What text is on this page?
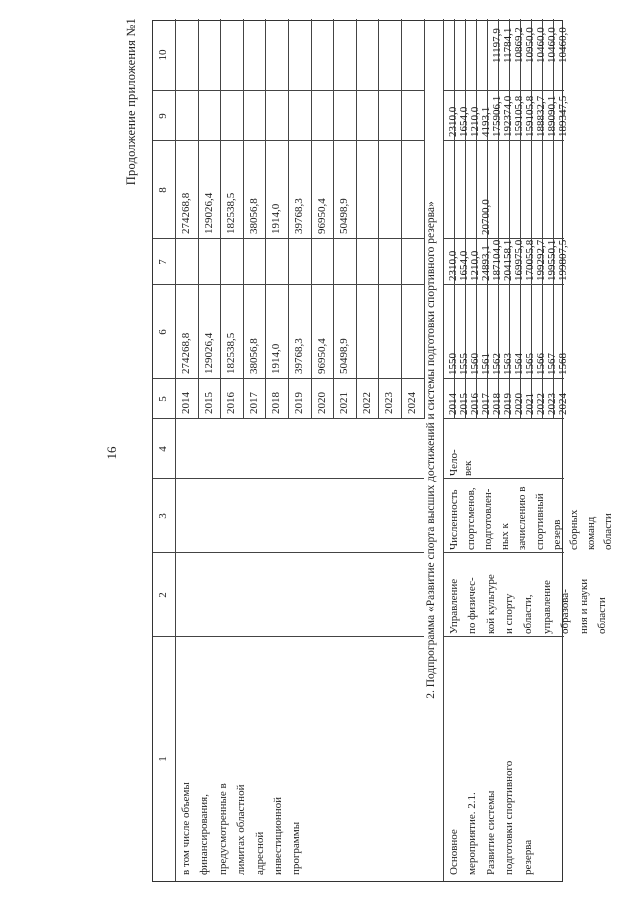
16
Продолжение приложения №1
1
2
3
4
5
6
7
8
9
10
в том числе объемы финансирования, предусмотренные в лимитах областной адресной инвестиционной программы
2014
274268,8
274268,8
2015
129026,4
129026,4
2016
182538,5
182538,5
2017
38056,8
38056,8
2018
1914,0
1914,0
2019
39768,3
39768,3
2020
96950,4
96950,4
2021
50498,9
50498,9
2022 2023 2024 2. Подпрограмма «Развитие спорта высших достижений и системы подготовки спортивного резерва»
Основное мероприятие. 2.1. Развитие системы подготовки спортивного резерва
Управление по физичес- кой культуре и спорту области, управление образова- ния и науки области
Численность спортсменов, подготовлен- ных к зачислению в спортивный резерв сборных команд области
Чело- век
2014
1550
2310,0
2310,0
2015
1555
1654,0
1654,0
2016
1560
1210,0
1210,0
2017
1561
24893,1
20700,0
4193,1
2018
1562
187104,0
175906,1
11197,9
2019
1563
204158,1
192374,0
11784,1
2020
1564
169975,0
159105,8
10869,2
2021
1565
170055,8
159105,8
10950,0
2022
1566
199292,7
188832,7
10460,0
2023
1567
199550,1
189090,1
10460,0
2024
1568
199807,5
189347,5
10460,0
